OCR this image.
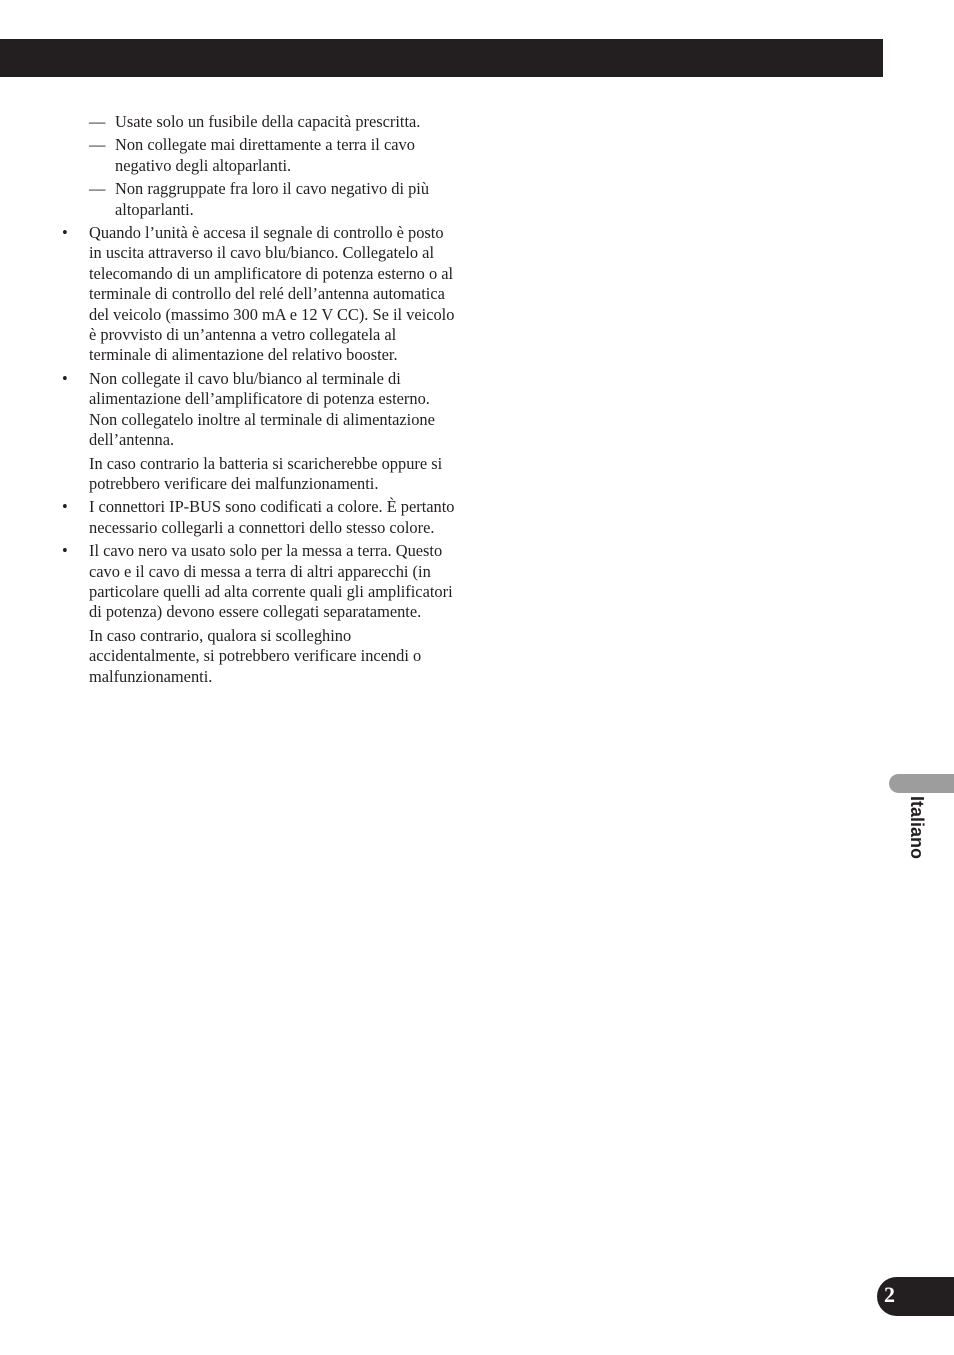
— Usate solo un fusibile della capacità prescritta.
— Non collegate mai direttamente a terra il cavo negativo degli altoparlanti.
— Non raggruppate fra loro il cavo negativo di più altoparlanti.
• Quando l’unità è accesa il segnale di controllo è posto in uscita attraverso il cavo blu/bianco. Collegatelo al telecomando di un amplificatore di potenza esterno o al terminale di controllo del relé dell’antenna automatica del veicolo (massimo 300 mA e 12 V CC). Se il veicolo è provvisto di un’antenna a vetro collegatela al terminale di alimentazione del relativo booster.

• Non collegate il cavo blu/bianco al terminale di alimentazione dell’amplificatore di potenza esterno. Non collegatelo inoltre al terminale di alimentazione dell’antenna.

In caso contrario la batteria si scaricherebbe oppure si potrebbero verificare dei malfunzionamenti.

• I connettori IP-BUS sono codificati a colore. È pertanto necessario collegarli a connettori dello stesso colore.

• Il cavo nero va usato solo per la messa a terra. Questo cavo e il cavo di messa a terra di altri apparecchi (in particolare quelli ad alta corrente quali gli amplificatori di potenza) devono essere collegati separatamente.

In caso contrario, qualora si scolleghino accidentalmente, si potrebbero verificare incendi o malfunzionamenti.

Italiano
2
